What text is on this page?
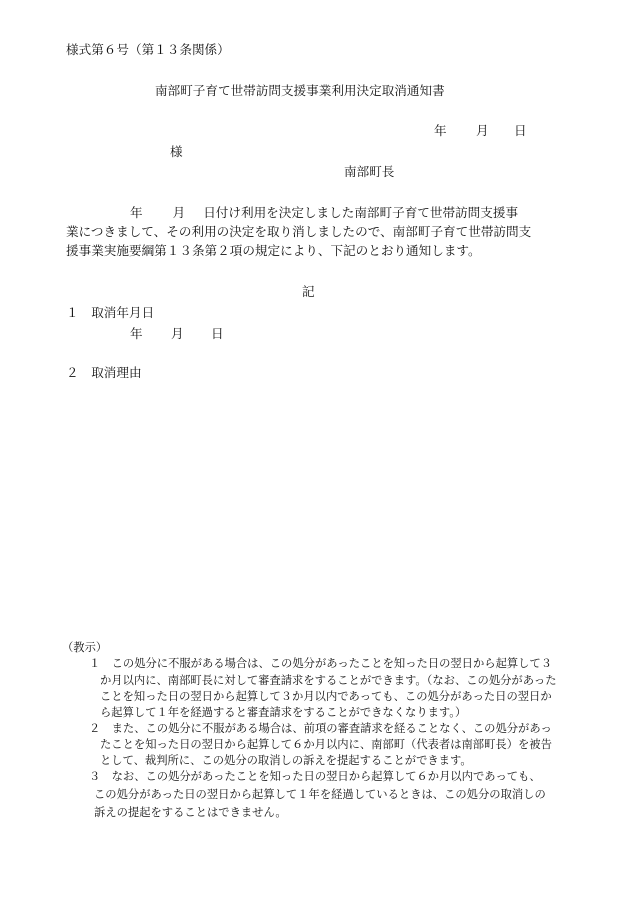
様式第６号（第１３条関係）
南部町子育て世帯訪問支援事業利用決定取消通知書
年 月 日
様
南部町長
年 月 日付け利用を決定しました南部町子育て世帯訪問支援事
業につきまして、その利用の決定を取り消しましたので、南部町子育て世帯訪問支
援事業実施要綱第１３条第２項の規定により、下記のとおり通知します。
記
１　取消年月日
年 月 日
２　取消理由
（教示）
１　この処分に不服がある場合は、この処分があったことを知った日の翌日から起算して３
か月以内に、南部町長に対して審査請求をすることができます。（なお、この処分があった
ことを知った日の翌日から起算して３か月以内であっても、この処分があった日の翌日か
ら起算して１年を経過すると審査請求をすることができなくなります。）
２　また、この処分に不服がある場合は、前項の審査請求を経ることなく、この処分があっ
たことを知った日の翌日から起算して６か月以内に、南部町（代表者は南部町長）を被告
として、裁判所に、この処分の取消しの訴えを提起することができます。
３　なお、この処分があったことを知った日の翌日から起算して６か月以内であっても、
この処分があった日の翌日から起算して１年を経過しているときは、この処分の取消しの
訴えの提起をすることはできません。
